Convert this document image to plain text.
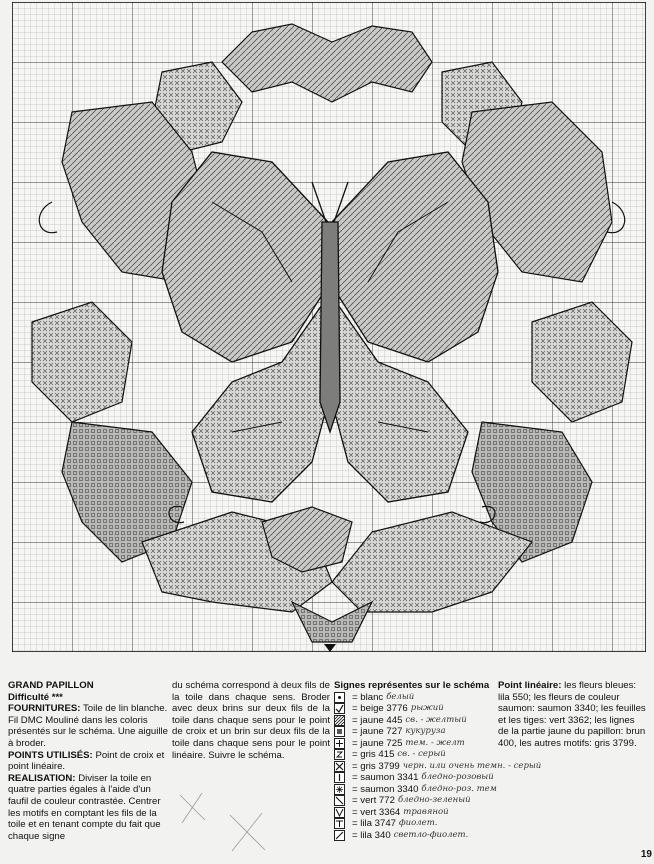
GRAND PAPILLON

Difficulté ***

FOURNITURES: Toile de lin blanche. Fil DMC Mouliné dans les coloris présentés sur le schéma. Une aiguille à broder.

POINTS UTILISÉS: Point de croix et point linéaire.

REALISATION: Diviser la toile en quatre parties égales à l'aide d'un faufil de couleur contrastée. Centrer les motifs en comptant les fils de la toile et en tenant compte du fait que chaque signe

du schéma correspond à deux fils de la toile dans chaque sens. Broder avec deux brins sur deux fils de la toile dans chaque sens pour le point de croix et un brin sur deux fils de la toile dans chaque sens pour le point linéaire. Suivre le schéma.

Signes représentes sur le schéma

= blanc белый
= beige 3776 рыжий
= jaune 445 св. - желтый
= jaune 727 кукуруза
= jaune 725 тем. - желт
= gris 415 св. - серый
= gris 3799 черн. или очень темн. - серый
= saumon 3341 бледно-розовый
= saumon 3340 бледно-роз. тем
= vert 772 бледно-зеленый
= vert 3364 травяной
= lila 3747 фиолет.
= lila 340 светло-фиолет.

Point linéaire: les fleurs bleues: lila 550; les fleurs de couleur saumon: saumon 3340; les feuilles et les tiges: vert 3362; les lignes de la partie jaune du papillon: brun 400, les autres motifs: gris 3799.

19
